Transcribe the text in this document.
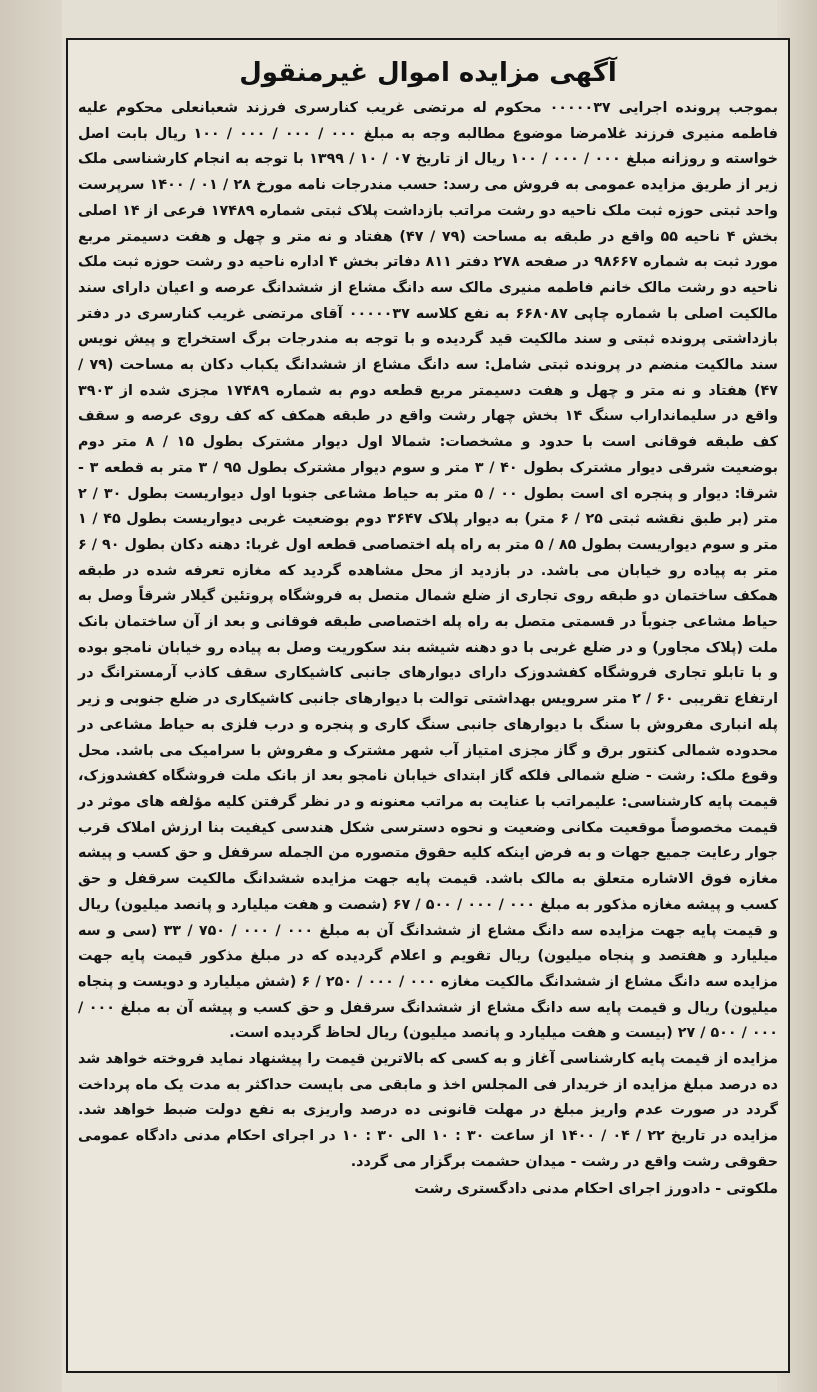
آگهی مزایده اموال غیرمنقول

بموجب پرونده اجرایی ۰۰۰۰۰۳۷ محکوم له مرتضی غریب کنارسری فرزند شعبانعلی محکوم علیه فاطمه منیری فرزند غلامرضا موضوع مطالبه وجه به مبلغ ۰۰۰ / ۰۰۰ / ۰۰۰ / ۱۰۰ ریال بابت اصل خواسته و روزانه مبلغ ۰۰۰ / ۰۰۰ / ۱۰۰ ریال از تاریخ ۰۷ / ۱۰ / ۱۳۹۹ با توجه به انجام کارشناسی ملک زیر از طریق مزایده عمومی به فروش می رسد: حسب مندرجات نامه مورخ ۲۸ / ۰۱ / ۱۴۰۰ سرپرست واحد ثبتی حوزه ثبت ملک ناحیه دو رشت مراتب بازداشت پلاک ثبتی شماره ۱۷۴۸۹ فرعی از ۱۴ اصلی بخش ۴ ناحیه ۵۵ واقع در طبقه به مساحت (۷۹ / ۴۷) هفتاد و نه متر و چهل و هفت دسیمتر مربع مورد ثبت به شماره ۹۸۶۶۷ در صفحه ۲۷۸ دفتر ۸۱۱ دفاتر بخش ۴ اداره ناحیه دو رشت حوزه ثبت ملک ناحیه دو رشت مالک خانم فاطمه منیری مالک سه دانگ مشاع از ششدانگ عرصه و اعیان دارای سند مالکیت اصلی با شماره چاپی ۶۶۸۰۸۷ به نفع کلاسه ۰۰۰۰۰۳۷ آقای مرتضی غریب کنارسری در دفتر بازداشتی پرونده ثبتی و سند مالکیت قید گردیده و با توجه به مندرجات برگ استخراج و پیش نویس سند مالکیت منضم در پرونده ثبتی شامل: سه دانگ مشاع از ششدانگ یکباب دکان به مساحت (۷۹ / ۴۷) هفتاد و نه متر و چهل و هفت دسیمتر مربع قطعه دوم به شماره ۱۷۴۸۹ مجزی شده از ۳۹۰۳ واقع در سلیمانداراب سنگ ۱۴ بخش چهار رشت واقع در طبقه همکف که کف روی عرصه و سقف کف طبقه فوقانی است با حدود و مشخصات: شمالا اول دیوار مشترک بطول ۱۵ / ۸ متر دوم بوضعیت شرقی دیوار مشترک بطول ۴۰ / ۳ متر و سوم دیوار مشترک بطول ۹۵ / ۳ متر به قطعه ۳ - شرقا: دیوار و پنجره ای است بطول ۰۰ / ۵ متر به حیاط مشاعی جنوبا اول دیواریست بطول ۳۰ / ۲ متر (بر طبق نقشه ثبتی ۲۵ / ۶ متر) به دیوار پلاک ۳۶۴۷ دوم بوضعیت غربی دیواریست بطول ۴۵ / ۱ متر و سوم دیواریست بطول ۸۵ / ۵ متر به راه پله اختصاصی قطعه اول غربا: دهنه دکان بطول ۹۰ / ۶ متر به پیاده رو خیابان می باشد. در بازدید از محل مشاهده گردید که مغازه تعرفه شده در طبقه همکف ساختمان دو طبقه روی تجاری از ضلع شمال متصل به فروشگاه پروتئین گیلار شرقاً وصل به حیاط مشاعی جنوباً در قسمتی متصل به راه پله اختصاصی طبقه فوقانی و بعد از آن ساختمان بانک ملت (پلاک مجاور) و در ضلع غربی با دو دهنه شیشه بند سکوریت وصل به پیاده رو خیابان نامجو بوده و با تابلو تجاری فروشگاه کفشدوزک دارای دیوارهای جانبی کاشیکاری سقف کاذب آرمسترانگ در ارتفاع تقریبی ۶۰ / ۲ متر سرویس بهداشتی توالت با دیوارهای جانبی کاشیکاری در ضلع جنوبی و زیر پله انباری مفروش با سنگ با دیوارهای جانبی سنگ کاری و پنجره و درب فلزی به حیاط مشاعی در محدوده شمالی کنتور برق و گاز مجزی امتیاز آب شهر مشترک و مفروش با سرامیک می باشد. محل وقوع ملک: رشت - ضلع شمالی فلکه گاز ابتدای خیابان نامجو بعد از بانک ملت فروشگاه کفشدوزک، قیمت پایه کارشناسی: علیمراتب با عنایت به مراتب معنونه و در نظر گرفتن کلیه مؤلفه های موثر در قیمت مخصوصاً موقعیت مکانی وضعیت و نحوه دسترسی شکل هندسی کیفیت بنا ارزش املاک قرب جوار رعایت جمیع جهات و به فرض اینکه کلیه حقوق متصوره من الجمله سرقفل و حق کسب و پیشه مغازه فوق الاشاره متعلق به مالک باشد. قیمت پایه جهت مزایده ششدانگ مالکیت سرقفل و حق کسب و پیشه مغازه مذکور به مبلغ ۰۰۰ / ۰۰۰ / ۵۰۰ / ۶۷ (شصت و هفت میلیارد و پانصد میلیون) ریال و قیمت پایه جهت مزایده سه دانگ مشاع از ششدانگ آن به مبلغ ۰۰۰ / ۰۰۰ / ۷۵۰ / ۳۳ (سی و سه میلیارد و هفتصد و پنجاه میلیون) ریال تقویم و اعلام گردیده که در مبلغ مذکور قیمت پایه جهت مزایده سه دانگ مشاع از ششدانگ مالکیت مغازه ۰۰۰ / ۰۰۰ / ۲۵۰ / ۶ (شش میلیارد و دویست و پنجاه میلیون) ریال و قیمت پایه سه دانگ مشاع از ششدانگ سرقفل و حق کسب و پیشه آن به مبلغ ۰۰۰ / ۰۰۰ / ۵۰۰ / ۲۷ (بیست و هفت میلیارد و پانصد میلیون) ریال لحاظ گردیده است.

مزایده از قیمت پایه کارشناسی آغاز و به کسی که بالاترین قیمت را پیشنهاد نماید فروخته خواهد شد ده درصد مبلغ مزایده از خریدار فی المجلس اخذ و مابقی می بایست حداکثر به مدت یک ماه پرداخت گردد در صورت عدم واریز مبلغ در مهلت قانونی ده درصد واریزی به نفع دولت ضبط خواهد شد. مزایده در تاریخ ۲۲ / ۰۴ / ۱۴۰۰ از ساعت ۳۰ : ۱۰ الی ۳۰ : ۱۰ در اجرای احکام مدنی دادگاه عمومی حقوقی رشت واقع در رشت - میدان حشمت برگزار می گردد.

ملکوتی - دادورز اجرای احکام مدنی دادگستری رشت
